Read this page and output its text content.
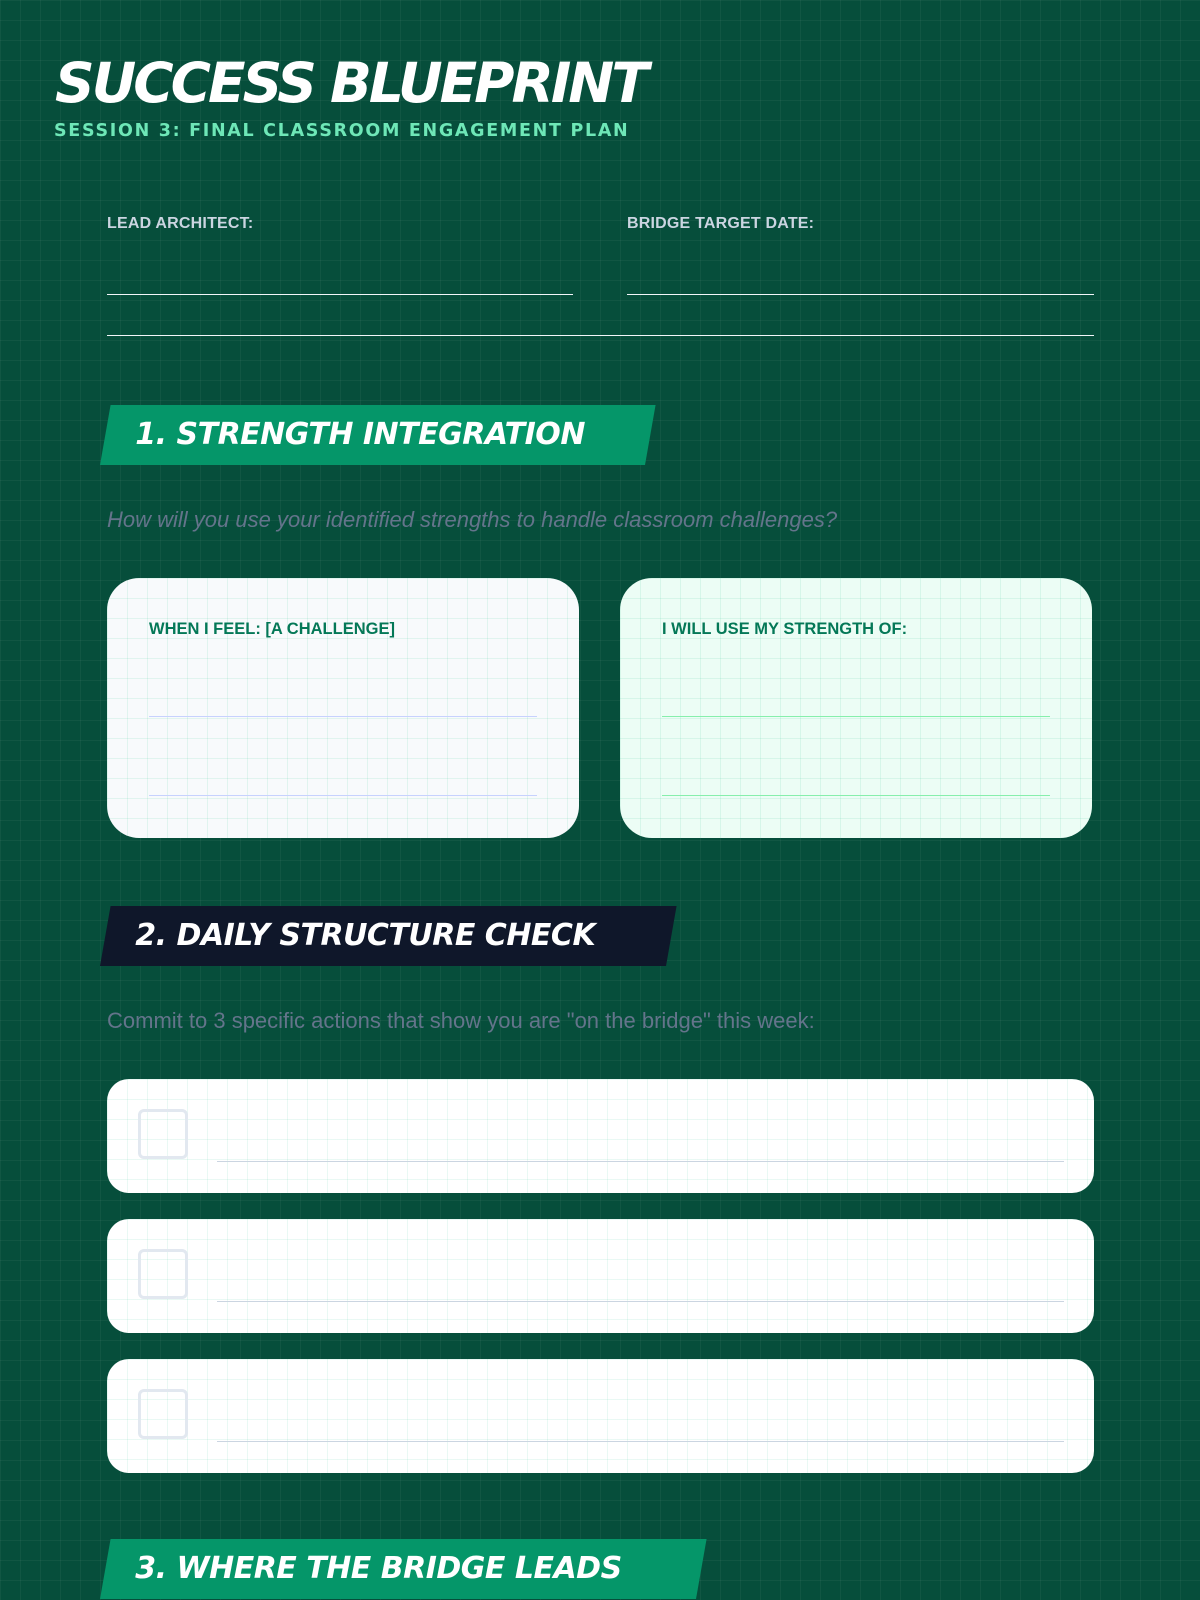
SUCCESS BLUEPRINT
SESSION 3: FINAL CLASSROOM ENGAGEMENT PLAN
LEAD ARCHITECT:	BRIDGE TARGET DATE:
1. STRENGTH INTEGRATION
How will you use your identified strengths to handle classroom challenges?
WHEN I FEEL: [A CHALLENGE]	I WILL USE MY STRENGTH OF:
2. DAILY STRUCTURE CHECK
Commit to 3 specific actions that show you are "on the bridge" this week:
3. WHERE THE BRIDGE LEADS
